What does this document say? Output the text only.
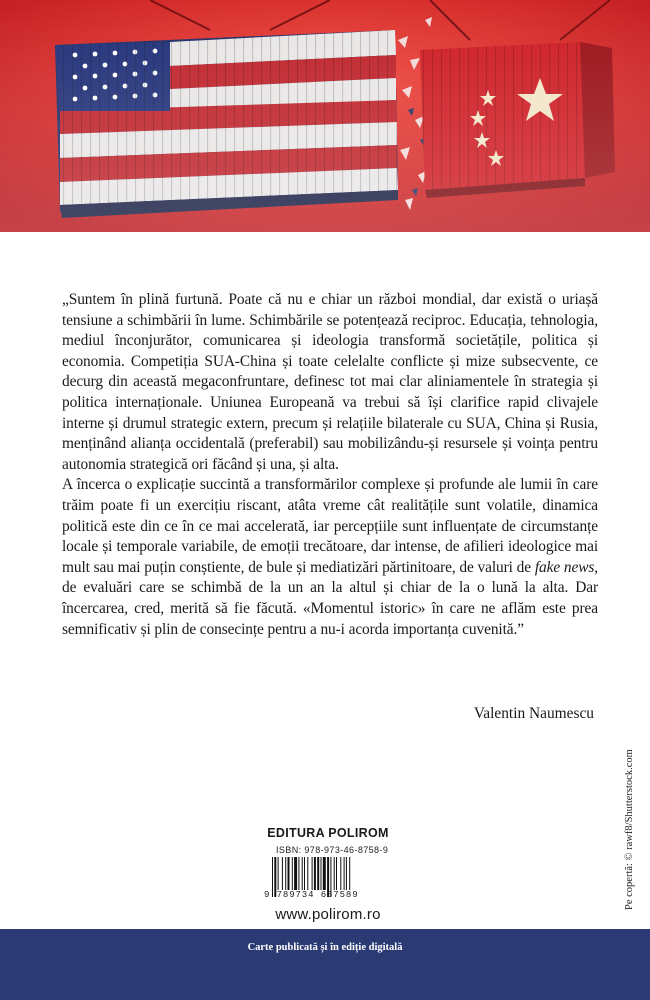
„Suntem în plină furtună. Poate că nu e chiar un război mondial, dar există o uriașă tensiune a schimbării în lume. Schimbările se potențează reciproc. Educația, tehnologia, mediul înconjurător, comunicarea și ideologia transformă societățile, politica și economia. Competiția SUA-China și toate celelalte conflicte și mize subsecvente, ce decurg din această megaconfruntare, definesc tot mai clar aliniamentele în strategia și politica internaționale. Uniunea Europeană va trebui să își clarifice rapid clivajele interne și drumul strategic extern, precum și relațiile bilaterale cu SUA, China și Rusia, menținând alianța occidentală (preferabil) sau mobilizându-și resursele și voința pentru autonomia strategică ori făcând și una, și alta.

A încerca o explicație succintă a transformărilor complexe și profunde ale lumii în care trăim poate fi un exercițiu riscant, atâta vreme cât realitățile sunt volatile, dinamica politică este din ce în ce mai accelerată, iar percepțiile sunt influențate de circumstanțe locale și temporale variabile, de emoții trecătoare, dar intense, de afilieri ideologice mai mult sau mai puțin conștiente, de bule și mediatizări părtinitoare, de valuri de fake news, de evaluări care se schimbă de la un an la altul și chiar de la o lună la alta. Dar încercarea, cred, merită să fie făcută. «Momentul istoric» în care ne aflăm este prea semnificativ și plin de consecințe pentru a nu-i acorda importanța cuvenită.”

Valentin Naumescu
Pe copertă: © rawf8/Shutterstock.com
EDITURA POLIROM
ISBN: 978-973-46-8758-9
9 789734 687589
www.polirom.ro
Carte publicată și în ediție digitală
